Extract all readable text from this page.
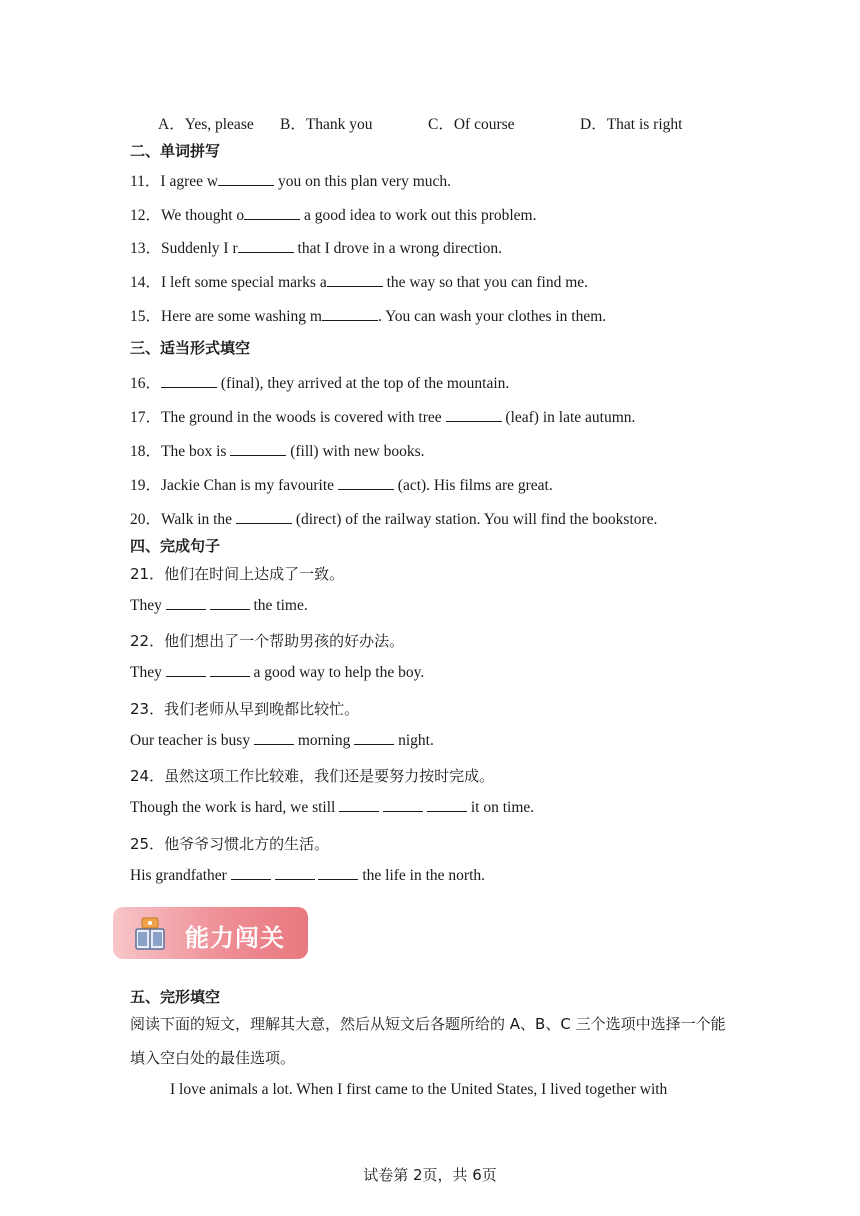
A．Yes, please B．Thank you	C．Of course	D．That is right
二、单词拼写
11．I agree w	you on this plan very much.
12．We thought o	a good idea to work out this problem.
13．Suddenly I r	that I drove in a wrong direction.
14．I left some special marks a	the way so that you can find me.
15．Here are some washing m	. You can wash your clothes in them.
三、适当形式填空
16．	(final), they arrived at the top of the mountain.
17．The ground in the woods is covered with tree	(leaf) in late autumn.
18．The box is	(fill) with new books.
19．Jackie Chan is my favourite	(act). His films are great.
20．Walk in the	(direct) of the railway station. You will find the bookstore.
四、完成句子
21．他们在时间上达成了一致。
They	the time.
22．他们想出了一个帮助男孩的好办法。
They	a good way to help the boy.
23．我们老师从早到晚都比较忙。
Our teacher is busy	morning	night.
24．虽然这项工作比较难，我们还是要努力按时完成。
Though the work is hard, we still	it on time.
25．他爷爷习惯北方的生活。
His grandfather	the life in the north.
能力闯关
五、完形填空
阅读下面的短文，理解其大意，然后从短文后各题所给的 A、B、C 三个选项中选择一个能填入空白处的最佳选项。
I love animals a lot. When I first came to the United States, I lived together with
试卷第 2页，共 6页
